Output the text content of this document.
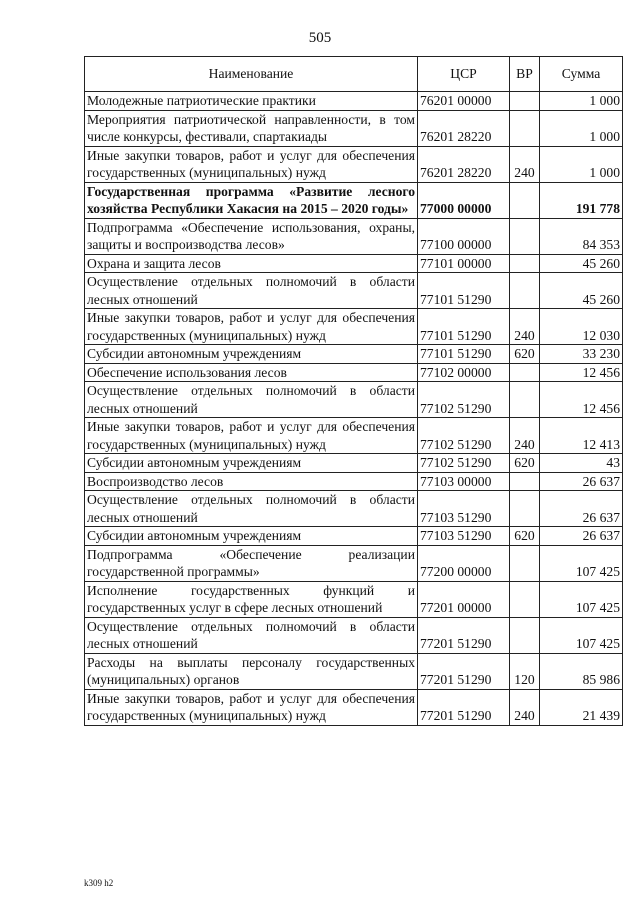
505
Наименование	ЦСР	ВР	Сумма
Молодежные патриотические практики	76201 00000		1 000
Мероприятия патриотической направленности, в том числе конкурсы, фестивали, спартакиады	76201 28220		1 000
Иные закупки товаров, работ и услуг для обеспечения государственных (муниципальных) нужд	76201 28220	240	1 000
Государственная программа «Развитие лесного хозяйства Республики Хакасия на 2015 – 2020 годы»	77000 00000		191 778
Подпрограмма «Обеспечение использования, охраны, защиты и воспроизводства лесов»	77100 00000		84 353
Охрана и защита лесов	77101 00000		45 260
Осуществление отдельных полномочий в области лесных отношений	77101 51290		45 260
Иные закупки товаров, работ и услуг для обеспечения государственных (муниципальных) нужд	77101 51290	240	12 030
Субсидии автономным учреждениям	77101 51290	620	33 230
Обеспечение использования лесов	77102 00000		12 456
Осуществление отдельных полномочий в области лесных отношений	77102 51290		12 456
Иные закупки товаров, работ и услуг для обеспечения государственных (муниципальных) нужд	77102 51290	240	12 413
Субсидии автономным учреждениям	77102 51290	620	43
Воспроизводство лесов	77103 00000		26 637
Осуществление отдельных полномочий в области лесных отношений	77103 51290		26 637
Субсидии автономным учреждениям	77103 51290	620	26 637
Подпрограмма «Обеспечение реализации государственной программы»	77200 00000		107 425
Исполнение государственных функций и государственных услуг в сфере лесных отношений	77201 00000		107 425
Осуществление отдельных полномочий в области лесных отношений	77201 51290		107 425
Расходы на выплаты персоналу государственных (муниципальных) органов	77201 51290	120	85 986
Иные закупки товаров, работ и услуг для обеспечения государственных (муниципальных) нужд	77201 51290	240	21 439
k309 h2
